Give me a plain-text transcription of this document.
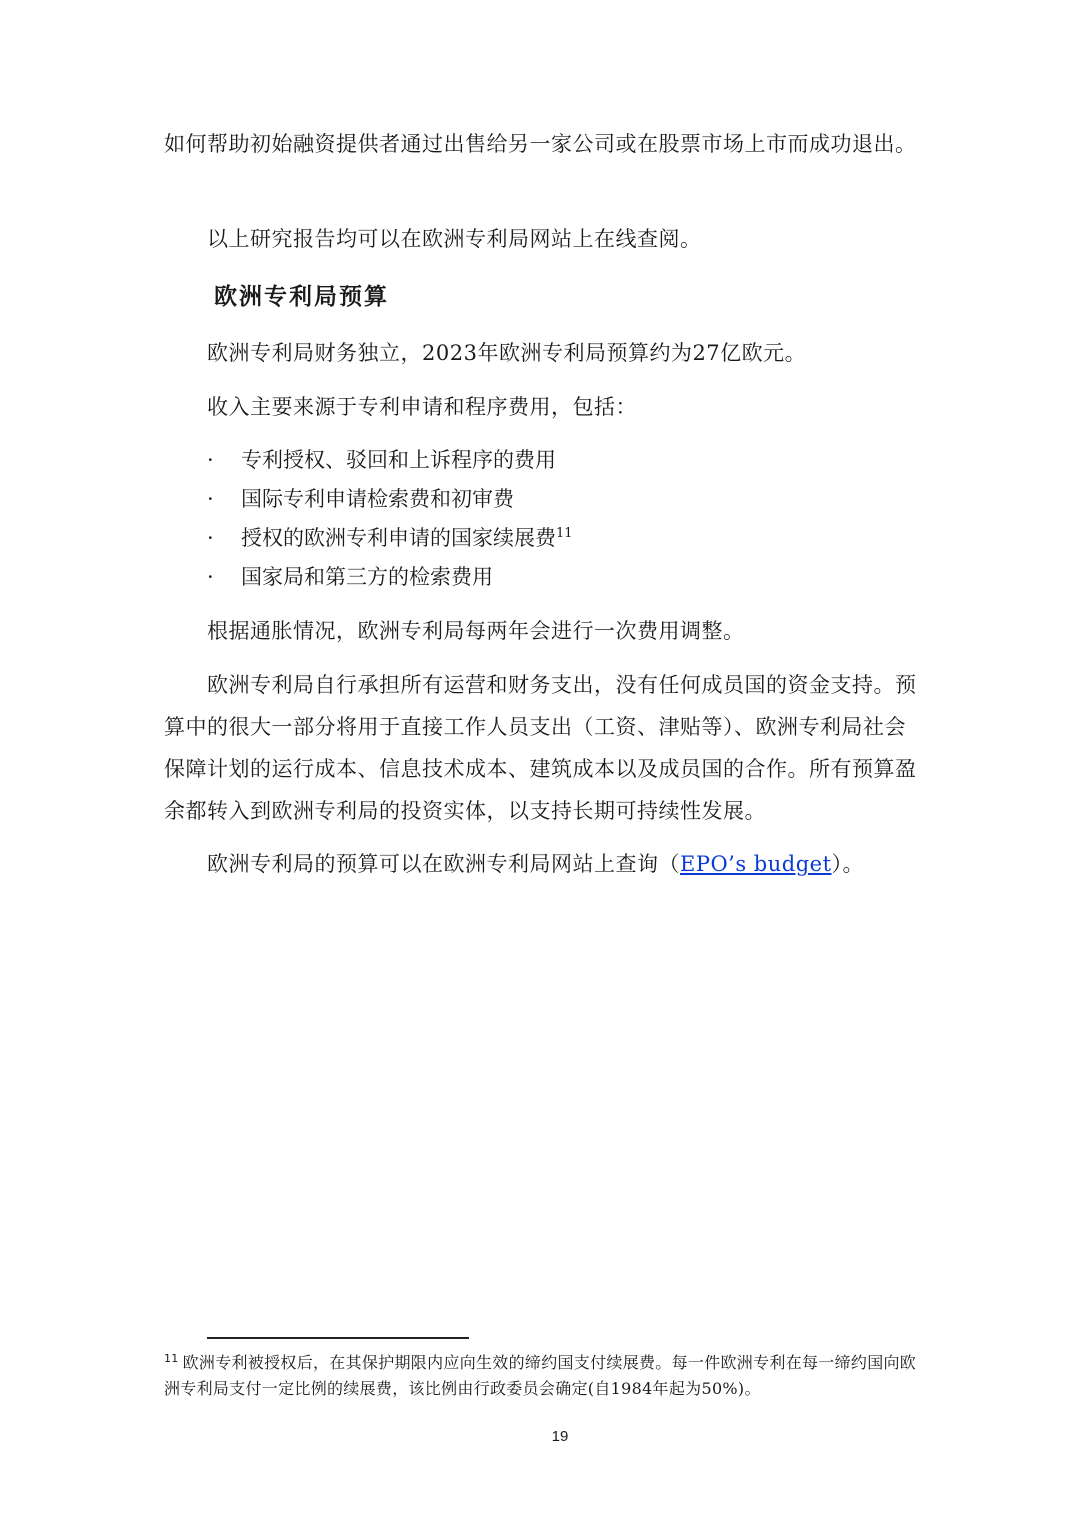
如何帮助初始融资提供者通过出售给另一家公司或在股票市场上市而成功退出。
以上研究报告均可以在欧洲专利局网站上在线查阅。
欧洲专利局预算
欧洲专利局财务独立，2023年欧洲专利局预算约为27亿欧元。
收入主要来源于专利申请和程序费用，包括：
· 专利授权、驳回和上诉程序的费用
· 国际专利申请检索费和初审费
· 授权的欧洲专利申请的国家续展费$^{11}$
· 国家局和第三方的检索费用
根据通胀情况，欧洲专利局每两年会进行一次费用调整。
欧洲专利局自行承担所有运营和财务支出，没有任何成员国的资金支持。预算中的很大一部分将用于直接工作人员支出（工资、津贴等）、欧洲专利局社会保障计划的运行成本、信息技术成本、建筑成本以及成员国的合作。所有预算盈余都转入到欧洲专利局的投资实体，以支持长期可持续性发展。
欧洲专利局的预算可以在欧洲专利局网站上查询（EPO’s budget）。
$^{11}$ 欧洲专利被授权后，在其保护期限内应向生效的缔约国支付续展费。每一件欧洲专利在每一缔约国向欧洲专利局支付一定比例的续展费，该比例由行政委员会确定(自1984年起为50%)。
19
